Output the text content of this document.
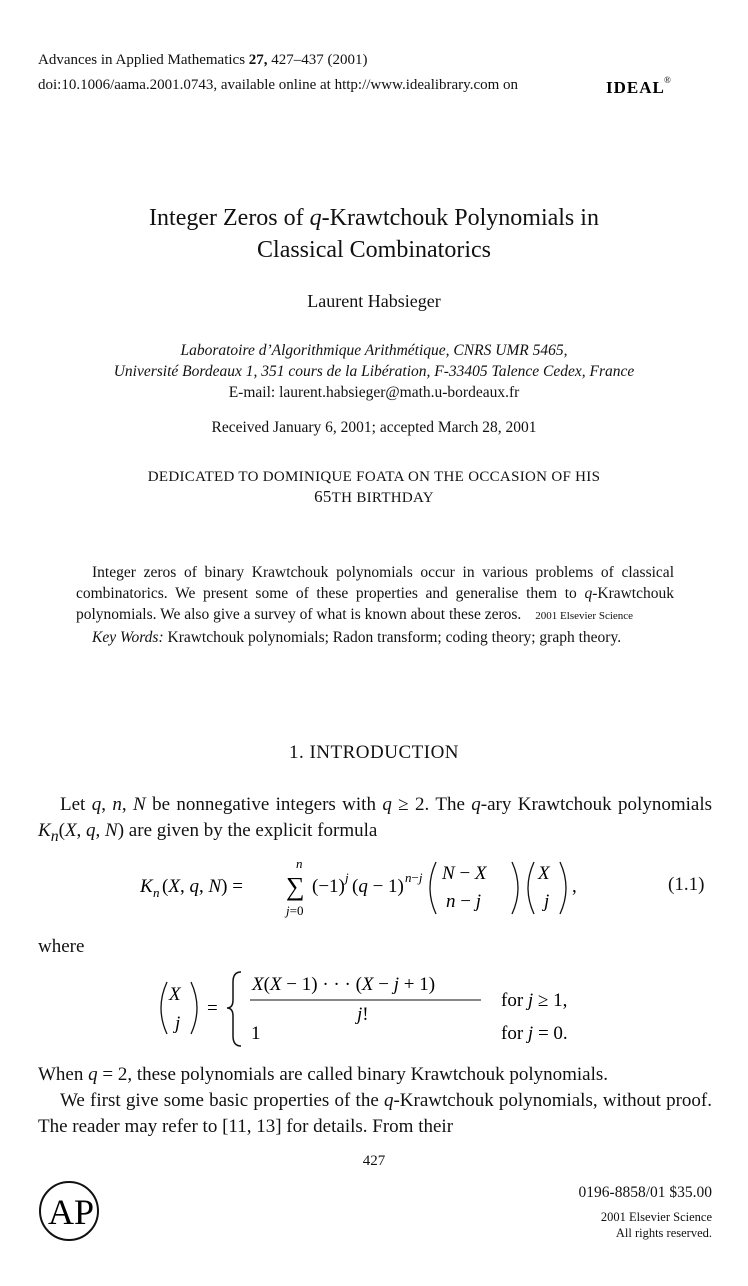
Advances in Applied Mathematics 27, 427–437 (2001)
doi:10.1006/aama.2001.0743, available online at http://www.idealibrary.com on	IDEAL ®
Integer Zeros of q-Krawtchouk Polynomials in
Classical Combinatorics
Laurent Habsieger
Laboratoire d’Algorithmique Arithmétique, CNRS UMR 5465,
Université Bordeaux 1, 351 cours de la Libération, F-33405 Talence Cedex, France
E-mail: laurent.habsieger@math.u-bordeaux.fr
Received January 6, 2001; accepted March 28, 2001
DEDICATED TO DOMINIQUE FOATA ON THE OCCASION OF HIS
65TH BIRTHDAY

Integer zeros of binary Krawtchouk polynomials occur in various problems of classical combinatorics. We present some of these properties and generalise them to q-Krawtchouk polynomials. We also give a survey of what is known about these zeros. 2001 Elsevier Science

Key Words: Krawtchouk polynomials; Radon transform; coding theory; graph theory.

1. INTRODUCTION

Let q, n, N be nonnegative integers with q ≥ 2. The q-ary Krawtchouk polynomials $K_n(X$, q, N) are given by the explicit formula

K n (X, q, N) =
n
∑
j=0
(−1) j (q − 1) n−j N − X
n − j
X
j
,	(1.1)
where
X
j
=
X(X − 1) · · · (X − j + 1)
j!
1
for j ≥ 1,
for j = 0.

When q = 2, these polynomials are called binary Krawtchouk polynomials.

We first give some basic properties of the q-Krawtchouk polynomials, without proof. The reader may refer to [11, 13] for details. From their

427
AP	0196-8858/01 $35.00
2001 Elsevier Science
All rights reserved.
